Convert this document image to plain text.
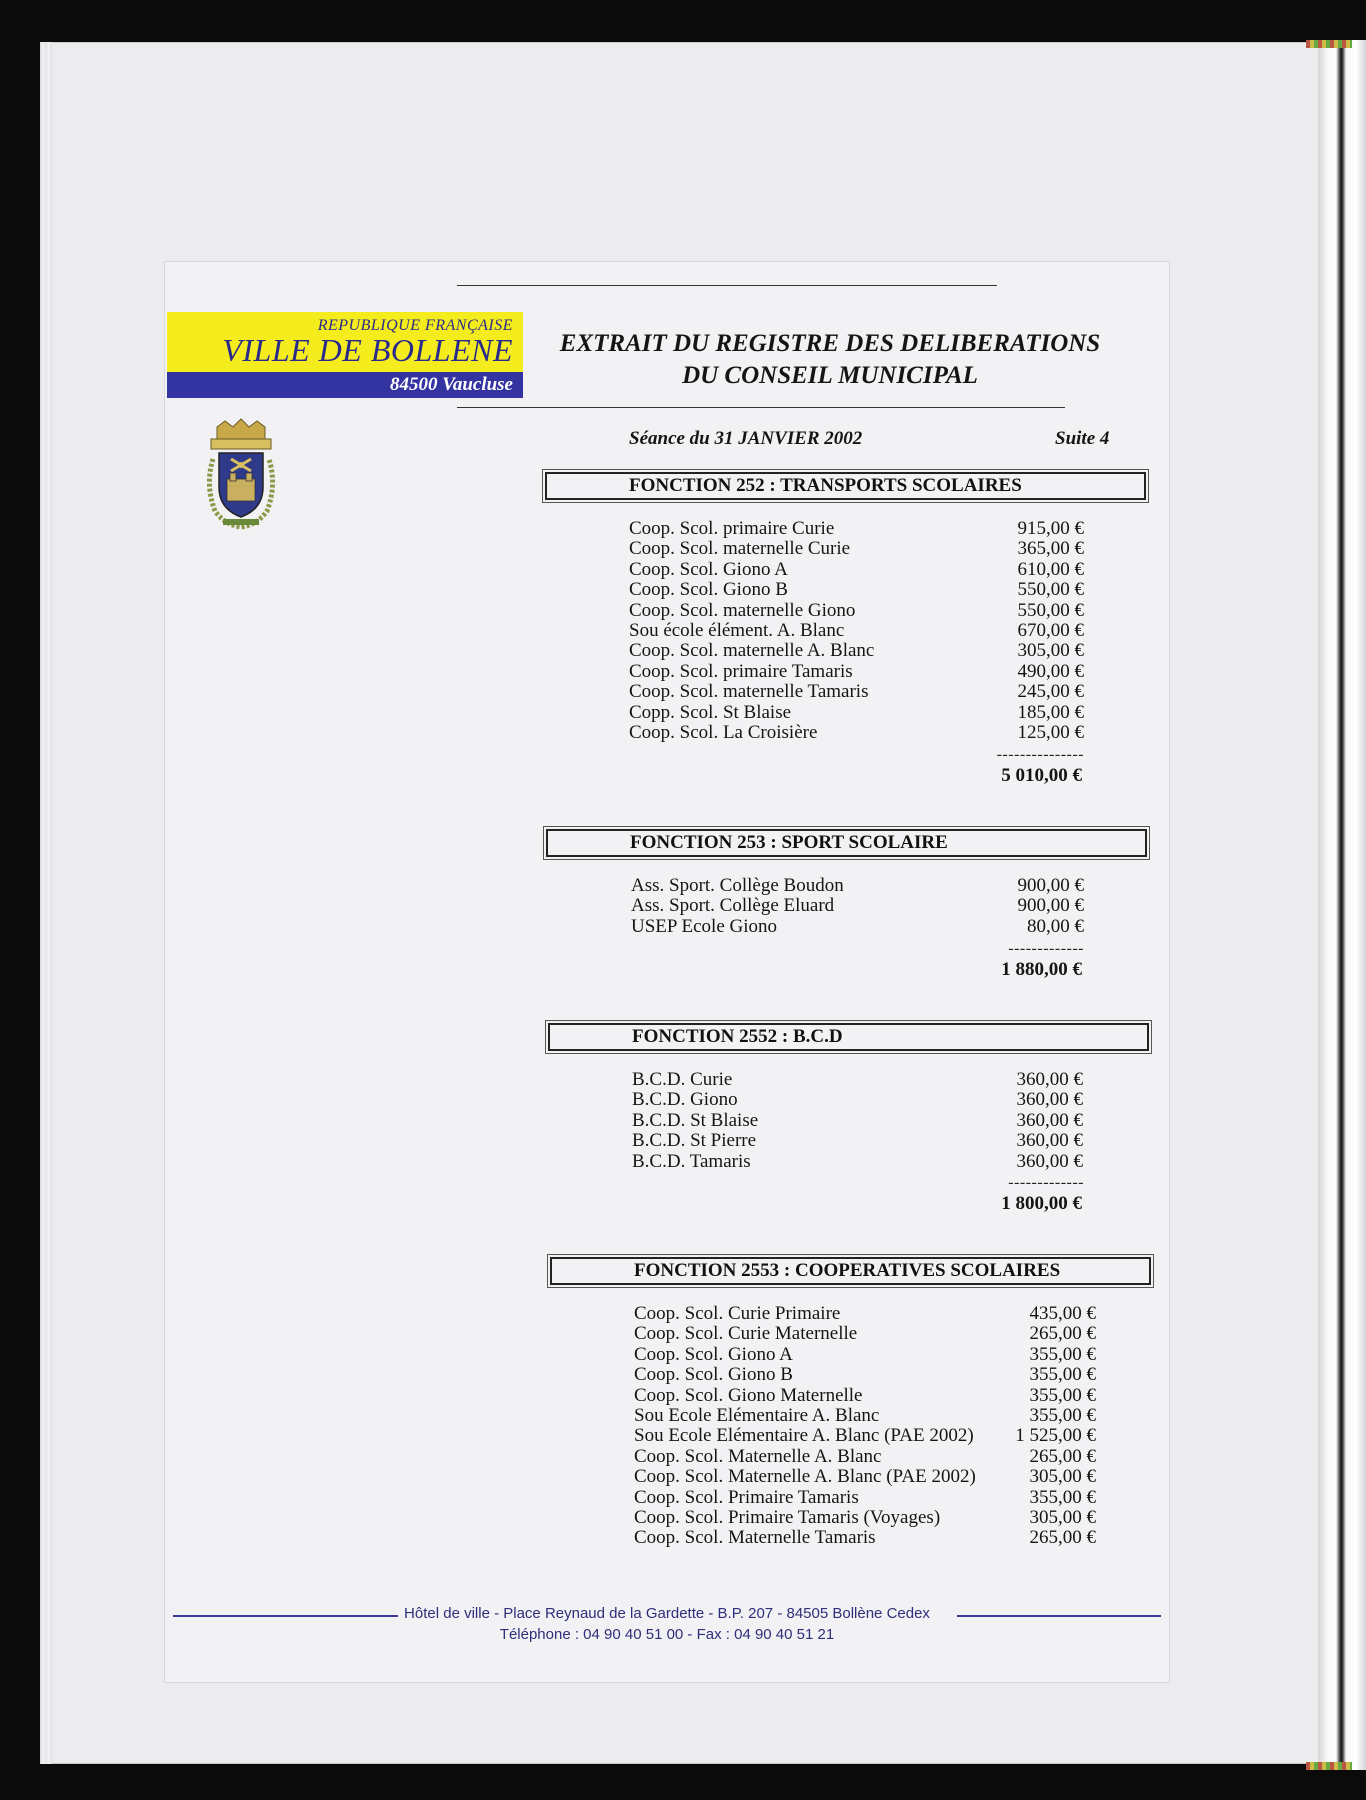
REPUBLIQUE FRANÇAISE
VILLE DE BOLLENE
84500 Vaucluse
EXTRAIT DU REGISTRE DES DELIBERATIONS
DU CONSEIL MUNICIPAL
Séance du 31 JANVIER 2002	Suite 4
FONCTION 252 : TRANSPORTS SCOLAIRES
Coop. Scol. primaire Curie	915,00 €
Coop. Scol. maternelle Curie	365,00 €
Coop. Scol. Giono A	610,00 €
Coop. Scol. Giono B	550,00 €
Coop. Scol. maternelle Giono	550,00 €
Sou école élément. A. Blanc	670,00 €
Coop. Scol. maternelle A. Blanc	305,00 €
Coop. Scol. primaire Tamaris	490,00 €
Coop. Scol. maternelle Tamaris	245,00 €
Copp. Scol. St Blaise	185,00 €
Coop. Scol. La Croisière	125,00 €
---------------
5 010,00 €
FONCTION 253 : SPORT SCOLAIRE
Ass. Sport. Collège Boudon	900,00 €
Ass. Sport. Collège Eluard	900,00 €
USEP Ecole Giono	80,00 €
-------------
1 880,00 €
FONCTION 2552 : B.C.D
B.C.D. Curie	360,00 €
B.C.D. Giono	360,00 €
B.C.D. St Blaise	360,00 €
B.C.D. St Pierre	360,00 €
B.C.D. Tamaris	360,00 €
-------------
1 800,00 €
FONCTION 2553 : COOPERATIVES SCOLAIRES
Coop. Scol. Curie Primaire	435,00 €
Coop. Scol. Curie Maternelle	265,00 €
Coop. Scol. Giono A	355,00 €
Coop. Scol. Giono B	355,00 €
Coop. Scol. Giono Maternelle	355,00 €
Sou Ecole Elémentaire A. Blanc	355,00 €
Sou Ecole Elémentaire A. Blanc (PAE 2002) 1 525,00 €
Coop. Scol. Maternelle A. Blanc	265,00 €
Coop. Scol. Maternelle A. Blanc (PAE 2002)	305,00 €
Coop. Scol. Primaire Tamaris	355,00 €
Coop. Scol. Primaire Tamaris (Voyages)	305,00 €
Coop. Scol. Maternelle Tamaris	265,00 €
Hôtel de ville - Place Reynaud de la Gardette - B.P. 207 - 84505 Bollène Cedex
Téléphone : 04 90 40 51 00 - Fax : 04 90 40 51 21
